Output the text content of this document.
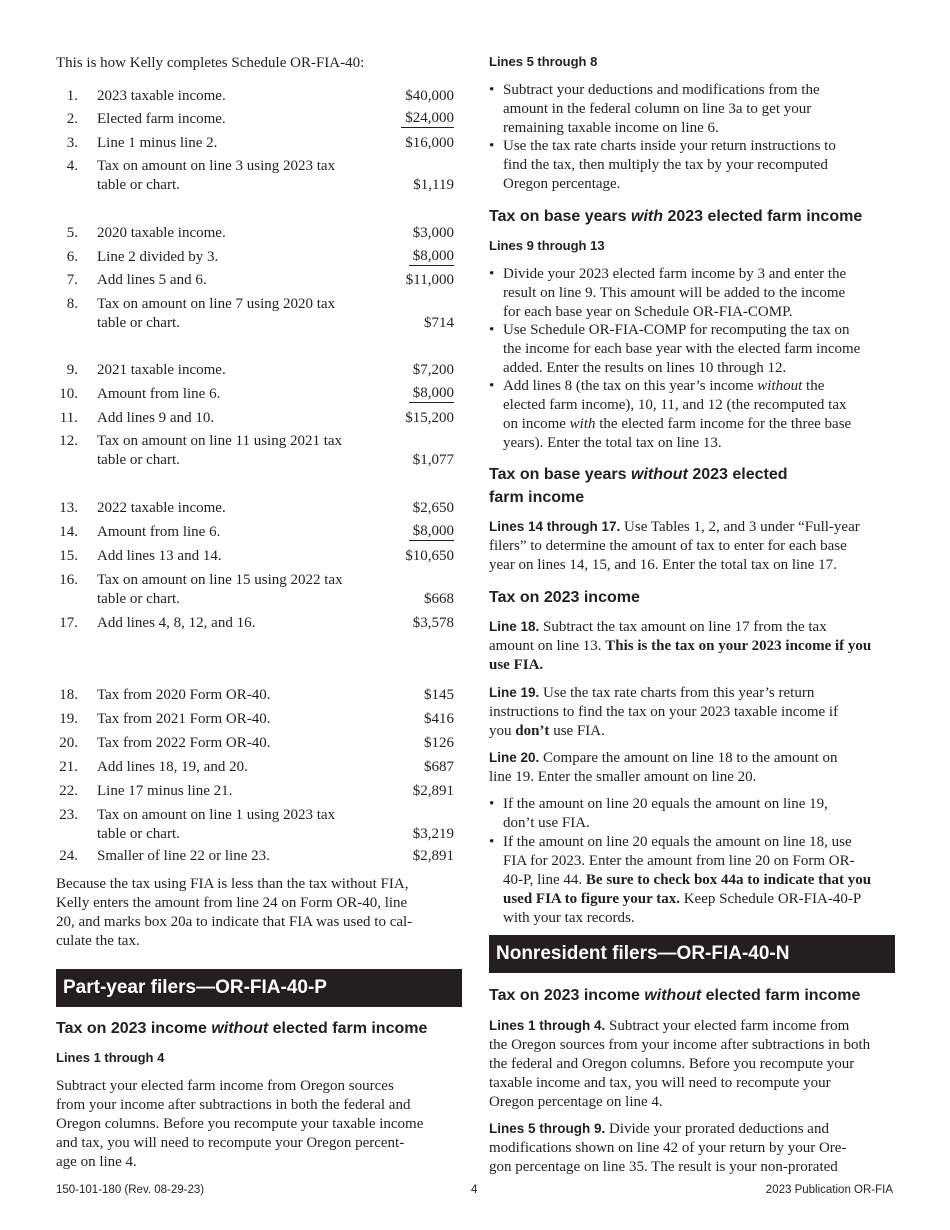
This is how Kelly completes Schedule OR-FIA-40:
1. 2023 taxable income.	$40,000
2. Elected farm income.	$24,000
3. Line 1 minus line 2.	$16,000
4. Tax on amount on line 3 using 2023 tax
table or chart.	$1,119
5. 2020 taxable income.	$3,000
6. Line 2 divided by 3.	$8,000
7. Add lines 5 and 6.	$11,000
8. Tax on amount on line 7 using 2020 tax
table or chart.	$714
9. 2021 taxable income.	$7,200
10. Amount from line 6.	$8,000
11. Add lines 9 and 10.	$15,200
12. Tax on amount on line 11 using 2021 tax
table or chart.	$1,077
13. 2022 taxable income.	$2,650
14. Amount from line 6.	$8,000
15. Add lines 13 and 14.	$10,650
16. Tax on amount on line 15 using 2022 tax
table or chart.	$668
17. Add lines 4, 8, 12, and 16.	$3,578
18. Tax from 2020 Form OR-40.	$145
19. Tax from 2021 Form OR-40.	$416
20. Tax from 2022 Form OR-40.	$126
21. Add lines 18, 19, and 20.	$687
22. Line 17 minus line 21.	$2,891
23. Tax on amount on line 1 using 2023 tax
table or chart.	$3,219
24. Smaller of line 22 or line 23.	$2,891
Because the tax using FIA is less than the tax without FIA,
Kelly enters the amount from line 24 on Form OR-40, line
20, and marks box 20a to indicate that FIA was used to cal-
culate the tax.
Part-year filers—OR-FIA-40-P
Tax on 2023 income without elected farm income
Lines 1 through 4
Subtract your elected farm income from Oregon sources
from your income after subtractions in both the federal and
Oregon columns. Before you recompute your taxable income
and tax, you will need to recompute your Oregon percent-
age on line 4.
Lines 5 through 8
• Subtract your deductions and modifications from the
amount in the federal column on line 3a to get your
remaining taxable income on line 6.
• Use the tax rate charts inside your return instructions to
find the tax, then multiply the tax by your recomputed
Oregon percentage.
Tax on base years with 2023 elected farm income
Lines 9 through 13
• Divide your 2023 elected farm income by 3 and enter the
result on line 9. This amount will be added to the income
for each base year on Schedule OR-FIA-COMP.
• Use Schedule OR-FIA-COMP for recomputing the tax on
the income for each base year with the elected farm income
added. Enter the results on lines 10 through 12.
• Add lines 8 (the tax on this year’s income without the
elected farm income), 10, 11, and 12 (the recomputed tax
on income with the elected farm income for the three base
years). Enter the total tax on line 13.
Tax on base years without 2023 elected
farm income
Lines 14 through 17. Use Tables 1, 2, and 3 under “Full-year
filers” to determine the amount of tax to enter for each base
year on lines 14, 15, and 16. Enter the total tax on line 17.
Tax on 2023 income
Line 18. Subtract the tax amount on line 17 from the tax
amount on line 13. This is the tax on your 2023 income if you
use FIA.
Line 19. Use the tax rate charts from this year’s return
instructions to find the tax on your 2023 taxable income if
you don’t use FIA.
Line 20. Compare the amount on line 18 to the amount on
line 19. Enter the smaller amount on line 20.
• If the amount on line 20 equals the amount on line 19,
don’t use FIA.
• If the amount on line 20 equals the amount on line 18, use
FIA for 2023. Enter the amount from line 20 on Form OR-
40-P, line 44. Be sure to check box 44a to indicate that you
used FIA to figure your tax. Keep Schedule OR-FIA-40-P
with your tax records.
Nonresident filers—OR-FIA-40-N
Tax on 2023 income without elected farm income
Lines 1 through 4. Subtract your elected farm income from
the Oregon sources from your income after subtractions in both
the federal and Oregon columns. Before you recompute your
taxable income and tax, you will need to recompute your
Oregon percentage on line 4.
Lines 5 through 9. Divide your prorated deductions and
modifications shown on line 42 of your return by your Ore-
gon percentage on line 35. The result is your non-prorated
150-101-180 (Rev. 08-29-23)	4	2023 Publication OR-FIA
